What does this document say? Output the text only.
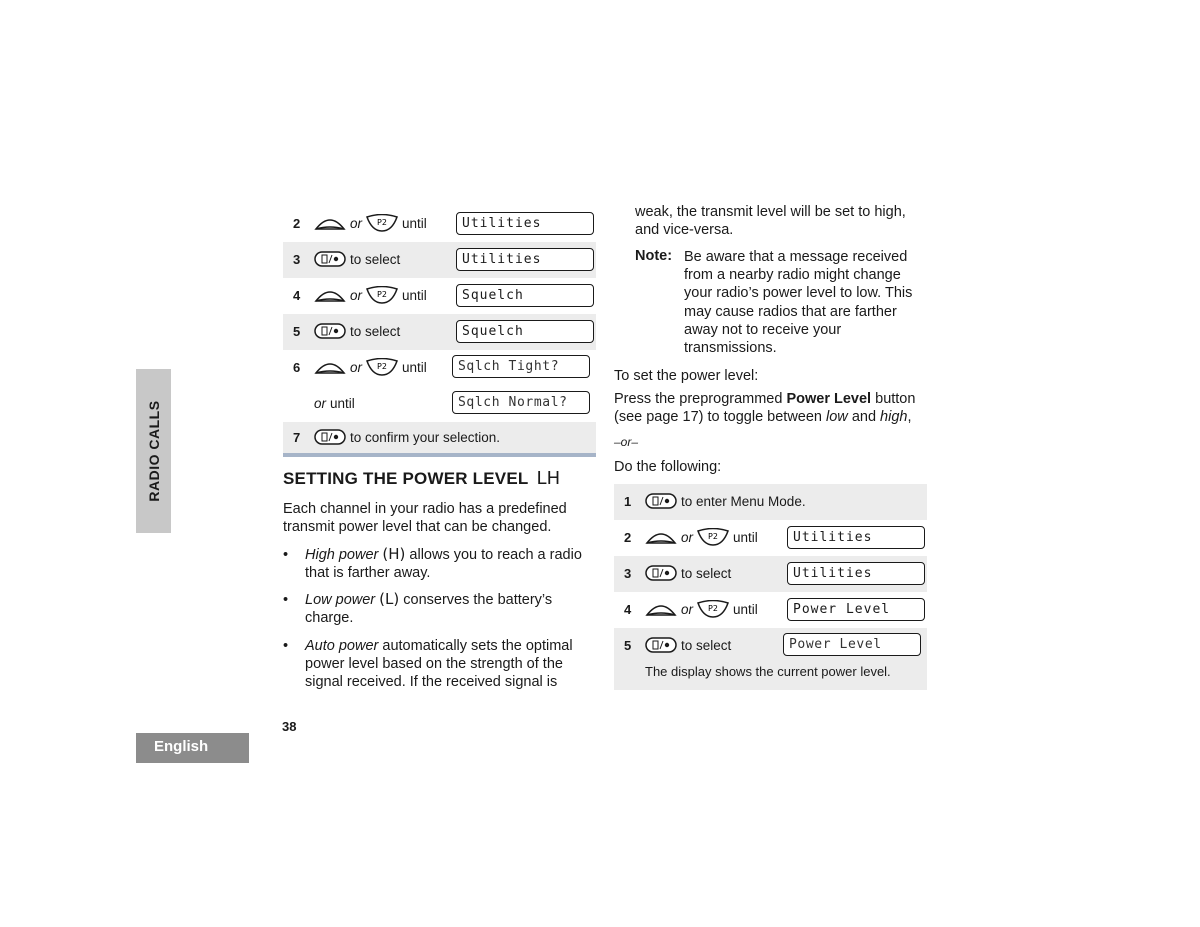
RADIO CALLS
English
38
2	or P2 until	Utilities
3	to select	Utilities
4	or P2 until	Squelch
5	to select	Squelch
6	or P2 until	Sqlch Tight?
or until	Sqlch Normal?
7	to confirm your selection.
SETTING THE POWER LEVEL LH
Each channel in your radio has a predefined
transmit power level that can be changed.
• High power (H) allows you to reach a radio
that is farther away.
• Low power (L) conserves the battery’s
charge.
• Auto power automatically sets the optimal
power level based on the strength of the
signal received. If the received signal is
weak, the transmit level will be set to high,
and vice-versa.
Note: Be aware that a message received
from a nearby radio might change
your radio’s power level to low. This
may cause radios that are farther
away not to receive your
transmissions.
To set the power level:
Press the preprogrammed Power Level button
(see page 17) to toggle between low and high,
–or–
Do the following:
1	to enter Menu Mode.
2	or P2 until	Utilities
3	to select	Utilities
4	or P2 until	Power Level
5	to select	Power Level
The display shows the current power level.
